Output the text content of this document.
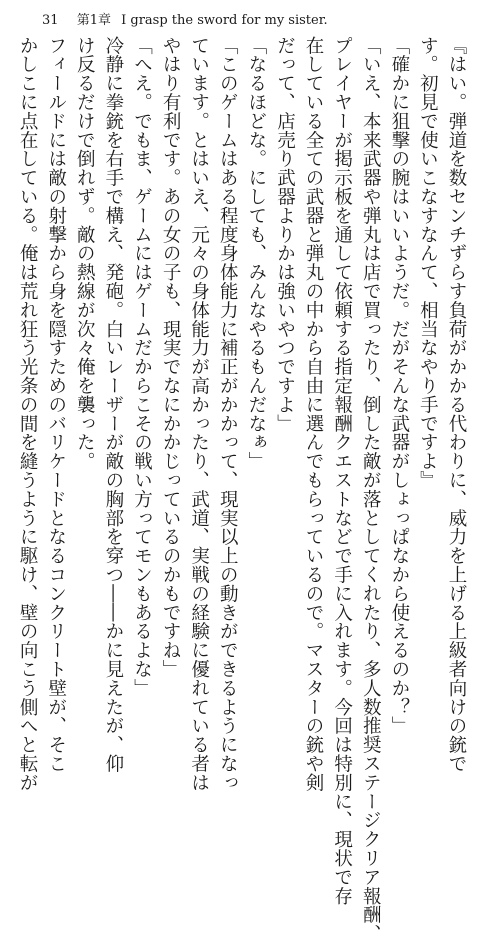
31 第1章 I grasp the sword for my sister.
『はい。弾道を数センチずらす負荷がかかる代わりに、威力を上げる上級者向けの銃で
す。初見で使いこなすなんて、相当なやり手ですよ』
「確かに狙撃の腕はいいようだ。だがそんな武器がしょっぱなから使えるのか？」
「いえ、本来武器や弾丸は店で買ったり、倒した敵が落としてくれたり、多人数推奨ステージクリア報酬、
プレイヤーが掲示板を通して依頼する指定報酬クエストなどで手に入れます。今回は特別に、現状で存
在している全ての武器と弾丸の中から自由に選んでもらっているので。マスターの銃や剣
だって、店売り武器よりかは強いやつですよ」
「なるほどな。にしても、みんなやるもんだなぁ」
「このゲームはある程度身体能力に補正がかかって、現実以上の動きができるようになっ
ています。とはいえ、元々の身体能力が高かったり、武道、実戦の経験に優れている者は
やはり有利です。あの女の子も、現実でなにかかじっているのかもですね」
「へえ。でもま、ゲームにはゲームだからこその戦い方ってモンもあるよな」
冷静に拳銃を右手で構え、発砲。白いレーザーが敵の胸部を穿つ――かに見えたが、仰
け反るだけで倒れず。敵の熱線が次々俺を襲った。
フィールドには敵の射撃から身を隠すためのバリケードとなるコンクリート壁が、そこ
かしこに点在している。俺は荒れ狂う光条の間を縫うように駆け、壁の向こう側へと転が
